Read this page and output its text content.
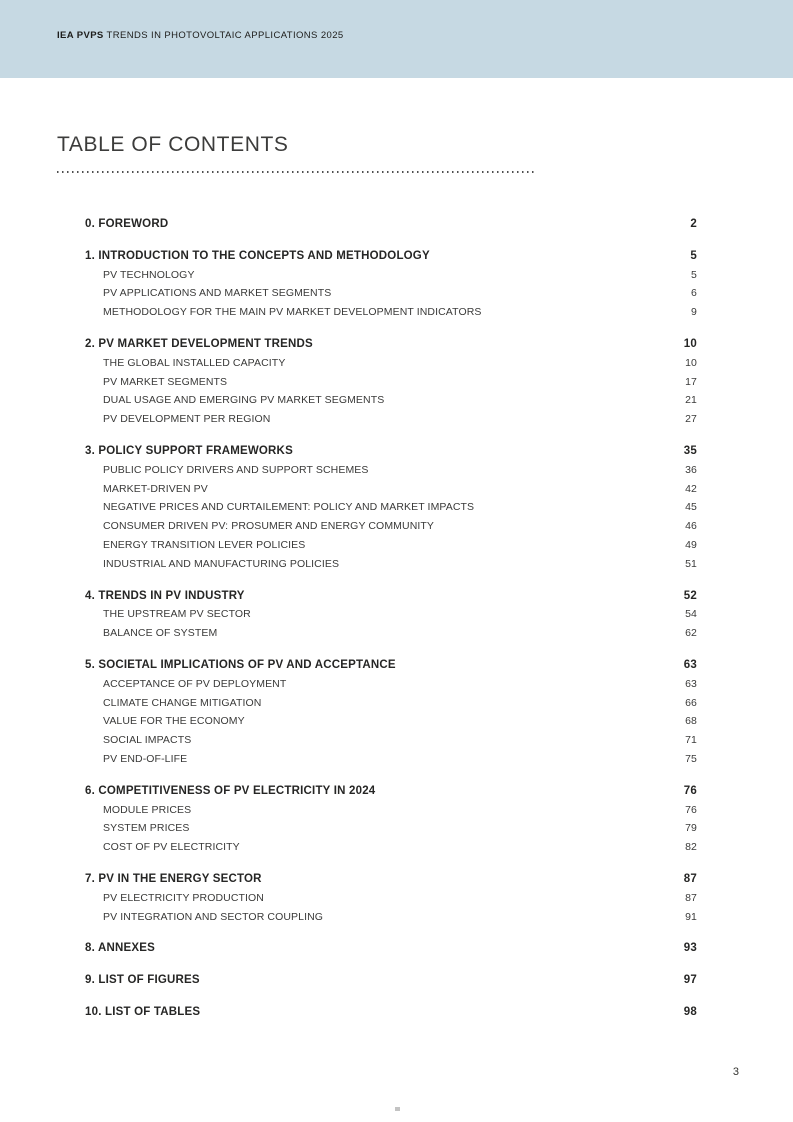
IEA PVPS TRENDS IN PHOTOVOLTAIC APPLICATIONS 2025
TABLE OF CONTENTS
0. FOREWORD	2
1. INTRODUCTION TO THE CONCEPTS AND METHODOLOGY	5
PV TECHNOLOGY	5
PV APPLICATIONS AND MARKET SEGMENTS	6
METHODOLOGY FOR THE MAIN PV MARKET DEVELOPMENT INDICATORS	9
2. PV MARKET DEVELOPMENT TRENDS	10
THE GLOBAL INSTALLED CAPACITY	10
PV MARKET SEGMENTS	17
DUAL USAGE AND EMERGING PV MARKET SEGMENTS	21
PV DEVELOPMENT PER REGION	27
3. POLICY SUPPORT FRAMEWORKS	35
PUBLIC POLICY DRIVERS AND SUPPORT SCHEMES	36
MARKET-DRIVEN PV	42
NEGATIVE PRICES AND CURTAILEMENT: POLICY AND MARKET IMPACTS	45
CONSUMER DRIVEN PV: PROSUMER AND ENERGY COMMUNITY	46
ENERGY TRANSITION LEVER POLICIES	49
INDUSTRIAL AND MANUFACTURING POLICIES	51
4. TRENDS IN PV INDUSTRY	52
THE UPSTREAM PV SECTOR	54
BALANCE OF SYSTEM	62
5. SOCIETAL IMPLICATIONS OF PV AND ACCEPTANCE	63
ACCEPTANCE OF PV DEPLOYMENT	63
CLIMATE CHANGE MITIGATION	66
VALUE FOR THE ECONOMY	68
SOCIAL IMPACTS	71
PV END-OF-LIFE	75
6. COMPETITIVENESS OF PV ELECTRICITY IN 2024	76
MODULE PRICES	76
SYSTEM PRICES	79
COST OF PV ELECTRICITY	82
7. PV IN THE ENERGY SECTOR	87
PV ELECTRICITY PRODUCTION	87
PV INTEGRATION AND SECTOR COUPLING	91
8. ANNEXES	93
9. LIST OF FIGURES	97
10. LIST OF TABLES	98
3
